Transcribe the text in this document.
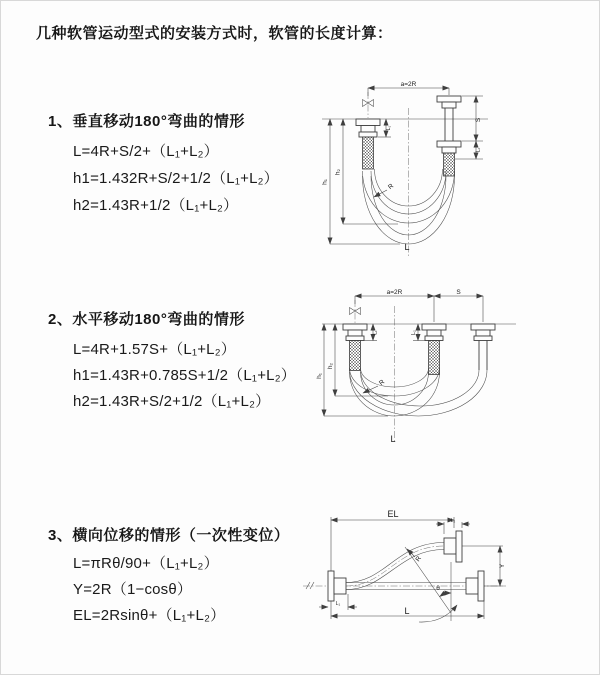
几种软管运动型式的安装方式时，软管的长度计算：
1、垂直移动180°弯曲的情形
L=4R+S/2+（L₁+L₂）
h1=1.432R+S/2+1/2（L₁+L₂）
h2=1.43R+1/2（L₁+L₂）
2、水平移动180°弯曲的情形
L=4R+1.57S+（L₁+L₂）
h1=1.43R+0.785S+1/2（L₁+L₂）
h2=1.43R+S/2+1/2（L₁+L₂）
3、横向位移的情形（一次性变位）
L=πRθ/90+（L₁+L₂）
Y=2R（1−cosθ）
EL=2Rsinθ+（L₁+L₂）
a=2R
S
L₂
L₁
h₂
h₁
R
L
a=2R	S
L₁	L₂
h₂
h₁
R
L
θ
EL
L₂
Y
L₁
L
R
